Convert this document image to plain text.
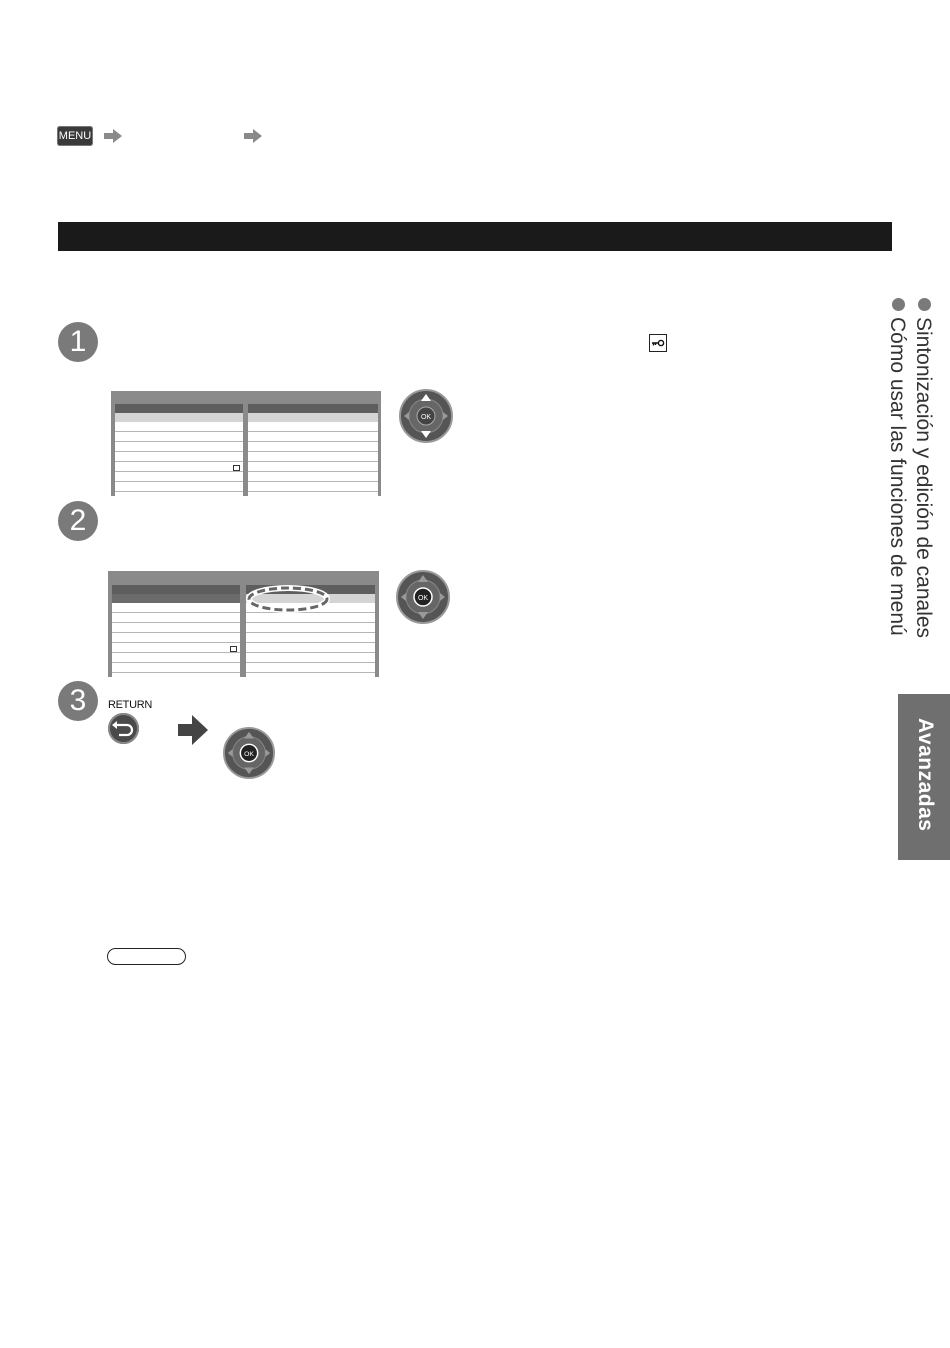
MENU
1
OK
2
OK
3	RETURN
OK
Sintonización y edición de canales
Cómo usar las funciones de menú
Avanzadas
